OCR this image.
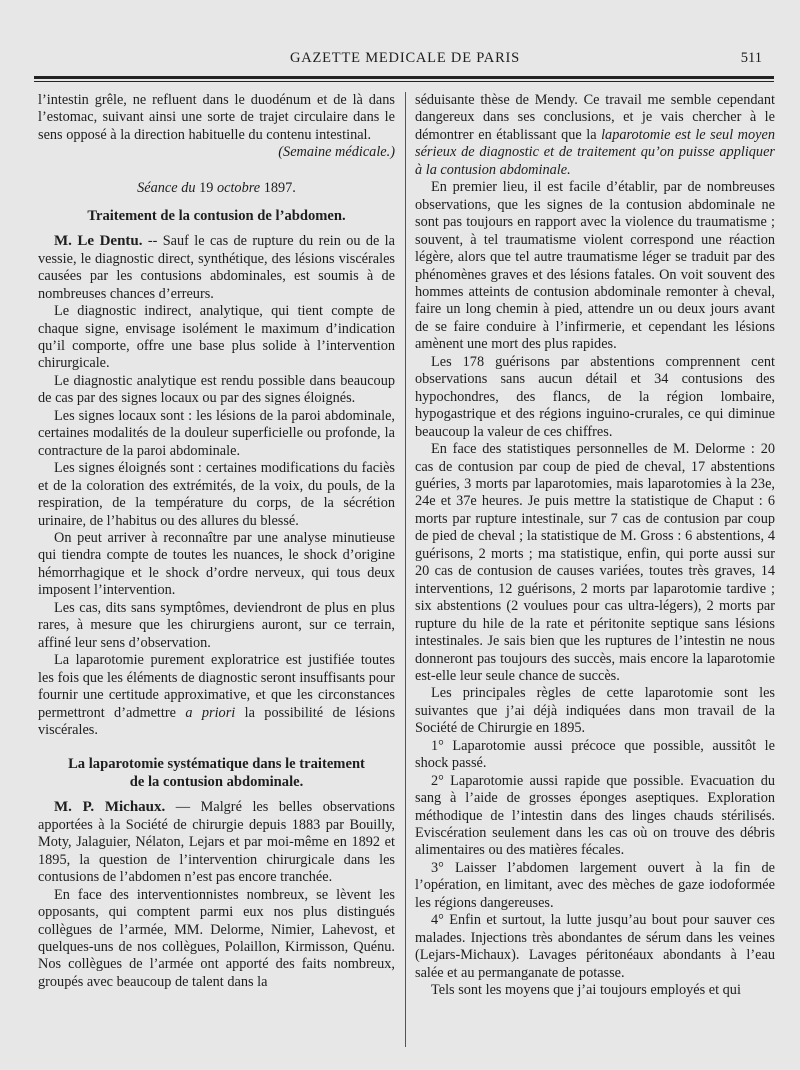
GAZETTE MEDICALE DE PARIS	511

l’intestin grêle, ne refluent dans le duodénum et de là dans l’estomac, suivant ainsi une sorte de trajet circulaire dans le sens opposé à la direction habituelle du contenu intestinal.

(Semaine médicale.)

Séance du 19 octobre 1897.

Traitement de la contusion de l’abdomen.

M. Le Dentu. -- Sauf le cas de rupture du rein ou de la vessie, le diagnostic direct, synthétique, des lésions viscérales causées par les contusions abdominales, est soumis à de nombreuses chances d’erreurs.

Le diagnostic indirect, analytique, qui tient compte de chaque signe, envisage isolément le maximum d’indication qu’il comporte, offre une base plus solide à l’intervention chirurgicale.

Le diagnostic analytique est rendu possible dans beaucoup de cas par des signes locaux ou par des signes éloignés.

Les signes locaux sont : les lésions de la paroi abdominale, certaines modalités de la douleur superficielle ou profonde, la contracture de la paroi abdominale.

Les signes éloignés sont : certaines modifications du faciès et de la coloration des extrémités, de la voix, du pouls, de la respiration, de la température du corps, de la sécrétion urinaire, de l’habitus ou des allures du blessé.

On peut arriver à reconnaître par une analyse minutieuse qui tiendra compte de toutes les nuances, le shock d’origine hémorrhagique et le shock d’ordre nerveux, qui tous deux imposent l’intervention.

Les cas, dits sans symptômes, deviendront de plus en plus rares, à mesure que les chirurgiens auront, sur ce terrain, affiné leur sens d’observation.

La laparotomie purement exploratrice est justifiée toutes les fois que les éléments de diagnostic seront insuffisants pour fournir une certitude approximative, et que les circonstances permettront d’admettre a priori la possibilité de lésions viscérales.

La laparotomie systématique dans le traitement
de la contusion abdominale.

M. P. Michaux. — Malgré les belles observations apportées à la Société de chirurgie depuis 1883 par Bouilly, Moty, Jalaguier, Nélaton, Lejars et par moi-même en 1892 et 1895, la question de l’intervention chirurgicale dans les contusions de l’abdomen n’est pas encore tranchée.

En face des interventionnistes nombreux, se lèvent les opposants, qui comptent parmi eux nos plus distingués collègues de l’armée, MM. Delorme, Nimier, Lahevost, et quelques-uns de nos collègues, Polaillon, Kirmisson, Quénu. Nos collègues de l’armée ont apporté des faits nombreux, groupés avec beaucoup de talent dans la

séduisante thèse de Mendy. Ce travail me semble cependant dangereux dans ses conclusions, et je vais chercher à le démontrer en établissant que la laparotomie est le seul moyen sérieux de diagnostic et de traitement qu’on puisse appliquer à la contusion abdominale.

En premier lieu, il est facile d’établir, par de nombreuses observations, que les signes de la contusion abdominale ne sont pas toujours en rapport avec la violence du traumatisme ; souvent, à tel traumatisme violent correspond une réaction légère, alors que tel autre traumatisme léger se traduit par des phénomènes graves et des lésions fatales. On voit souvent des hommes atteints de contusion abdominale remonter à cheval, faire un long chemin à pied, attendre un ou deux jours avant de se faire conduire à l’infirmerie, et cependant les lésions amènent une mort des plus rapides.

Les 178 guérisons par abstentions comprennent cent observations sans aucun détail et 34 contusions des hypochondres, des flancs, de la région lombaire, hypogastrique et des régions inguino-crurales, ce qui diminue beaucoup la valeur de ces chiffres.

En face des statistiques personnelles de M. Delorme : 20 cas de contusion par coup de pied de cheval, 17 abstentions guéries, 3 morts par laparotomies, mais laparotomies à la 23e, 24e et 37e heures. Je puis mettre la statistique de Chaput : 6 morts par rupture intestinale, sur 7 cas de contusion par coup de pied de cheval ; la statistique de M. Gross : 6 abstentions, 4 guérisons, 2 morts ; ma statistique, enfin, qui porte aussi sur 20 cas de contusion de causes variées, toutes très graves, 14 interventions, 12 guérisons, 2 morts par laparotomie tardive ; six abstentions (2 voulues pour cas ultra-légers), 2 morts par rupture du hile de la rate et péritonite septique sans lésions intestinales. Je sais bien que les ruptures de l’intestin ne nous donneront pas toujours des succès, mais encore la laparotomie est-elle leur seule chance de succès.

Les principales règles de cette laparotomie sont les suivantes que j’ai déjà indiquées dans mon travail de la Société de Chirurgie en 1895.

1° Laparotomie aussi précoce que possible, aussitôt le shock passé.

2° Laparotomie aussi rapide que possible. Evacuation du sang à l’aide de grosses éponges aseptiques. Exploration méthodique de l’intestin dans des linges chauds stérilisés. Eviscération seulement dans les cas où on trouve des débris alimentaires ou des matières fécales.

3° Laisser l’abdomen largement ouvert à la fin de l’opération, en limitant, avec des mèches de gaze iodoformée les régions dangereuses.

4° Enfin et surtout, la lutte jusqu’au bout pour sauver ces malades. Injections très abondantes de sérum dans les veines (Lejars-Michaux). Lavages péritonéaux abondants à l’eau salée et au permanganate de potasse.

Tels sont les moyens que j’ai toujours employés et qui
